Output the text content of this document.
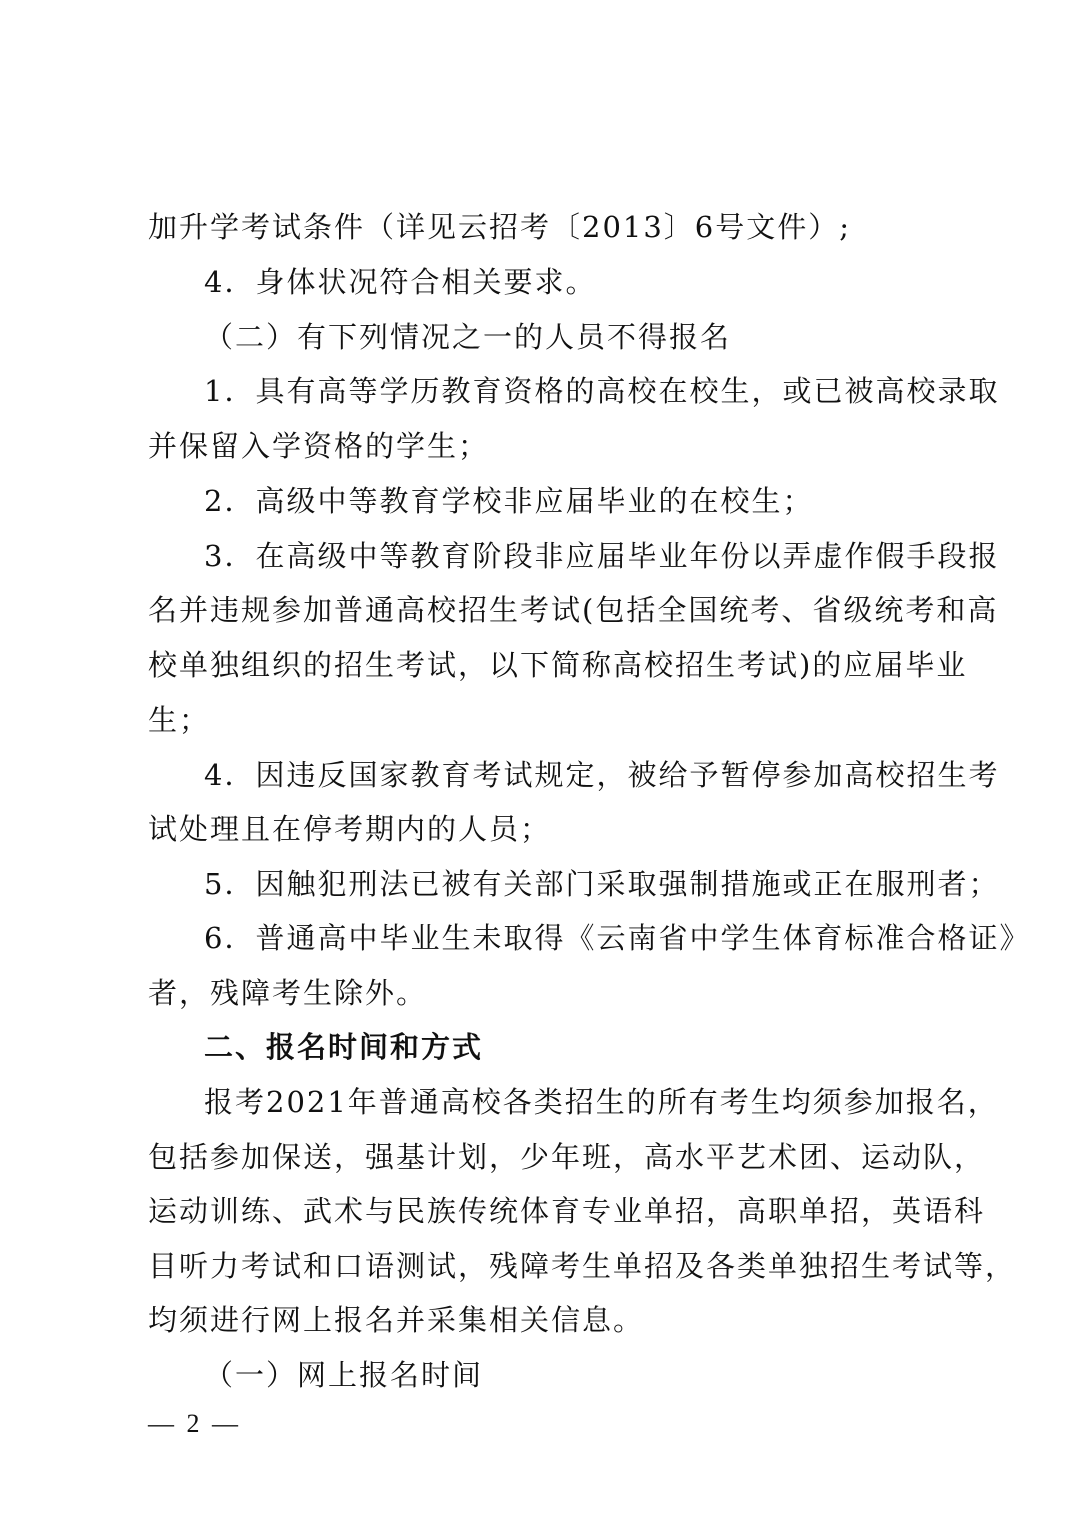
加升学考试条件（详见云招考〔2013〕6号文件）;
4．身体状况符合相关要求。
（二）有下列情况之一的人员不得报名
1．具有高等学历教育资格的高校在校生，或已被高校录取
并保留入学资格的学生；
2．高级中等教育学校非应届毕业的在校生；
3．在高级中等教育阶段非应届毕业年份以弄虚作假手段报
名并违规参加普通高校招生考试(包括全国统考、省级统考和高
校单独组织的招生考试，以下简称高校招生考试)的应届毕业
生；
4．因违反国家教育考试规定，被给予暂停参加高校招生考
试处理且在停考期内的人员；
5．因触犯刑法已被有关部门采取强制措施或正在服刑者；
6．普通高中毕业生未取得《云南省中学生体育标准合格证》
者，残障考生除外。
二、报名时间和方式
报考2021年普通高校各类招生的所有考生均须参加报名，
包括参加保送，强基计划，少年班，高水平艺术团、运动队，
运动训练、武术与民族传统体育专业单招，高职单招，英语科
目听力考试和口语测试，残障考生单招及各类单独招生考试等，
均须进行网上报名并采集相关信息。
（一）网上报名时间
— 2 —
